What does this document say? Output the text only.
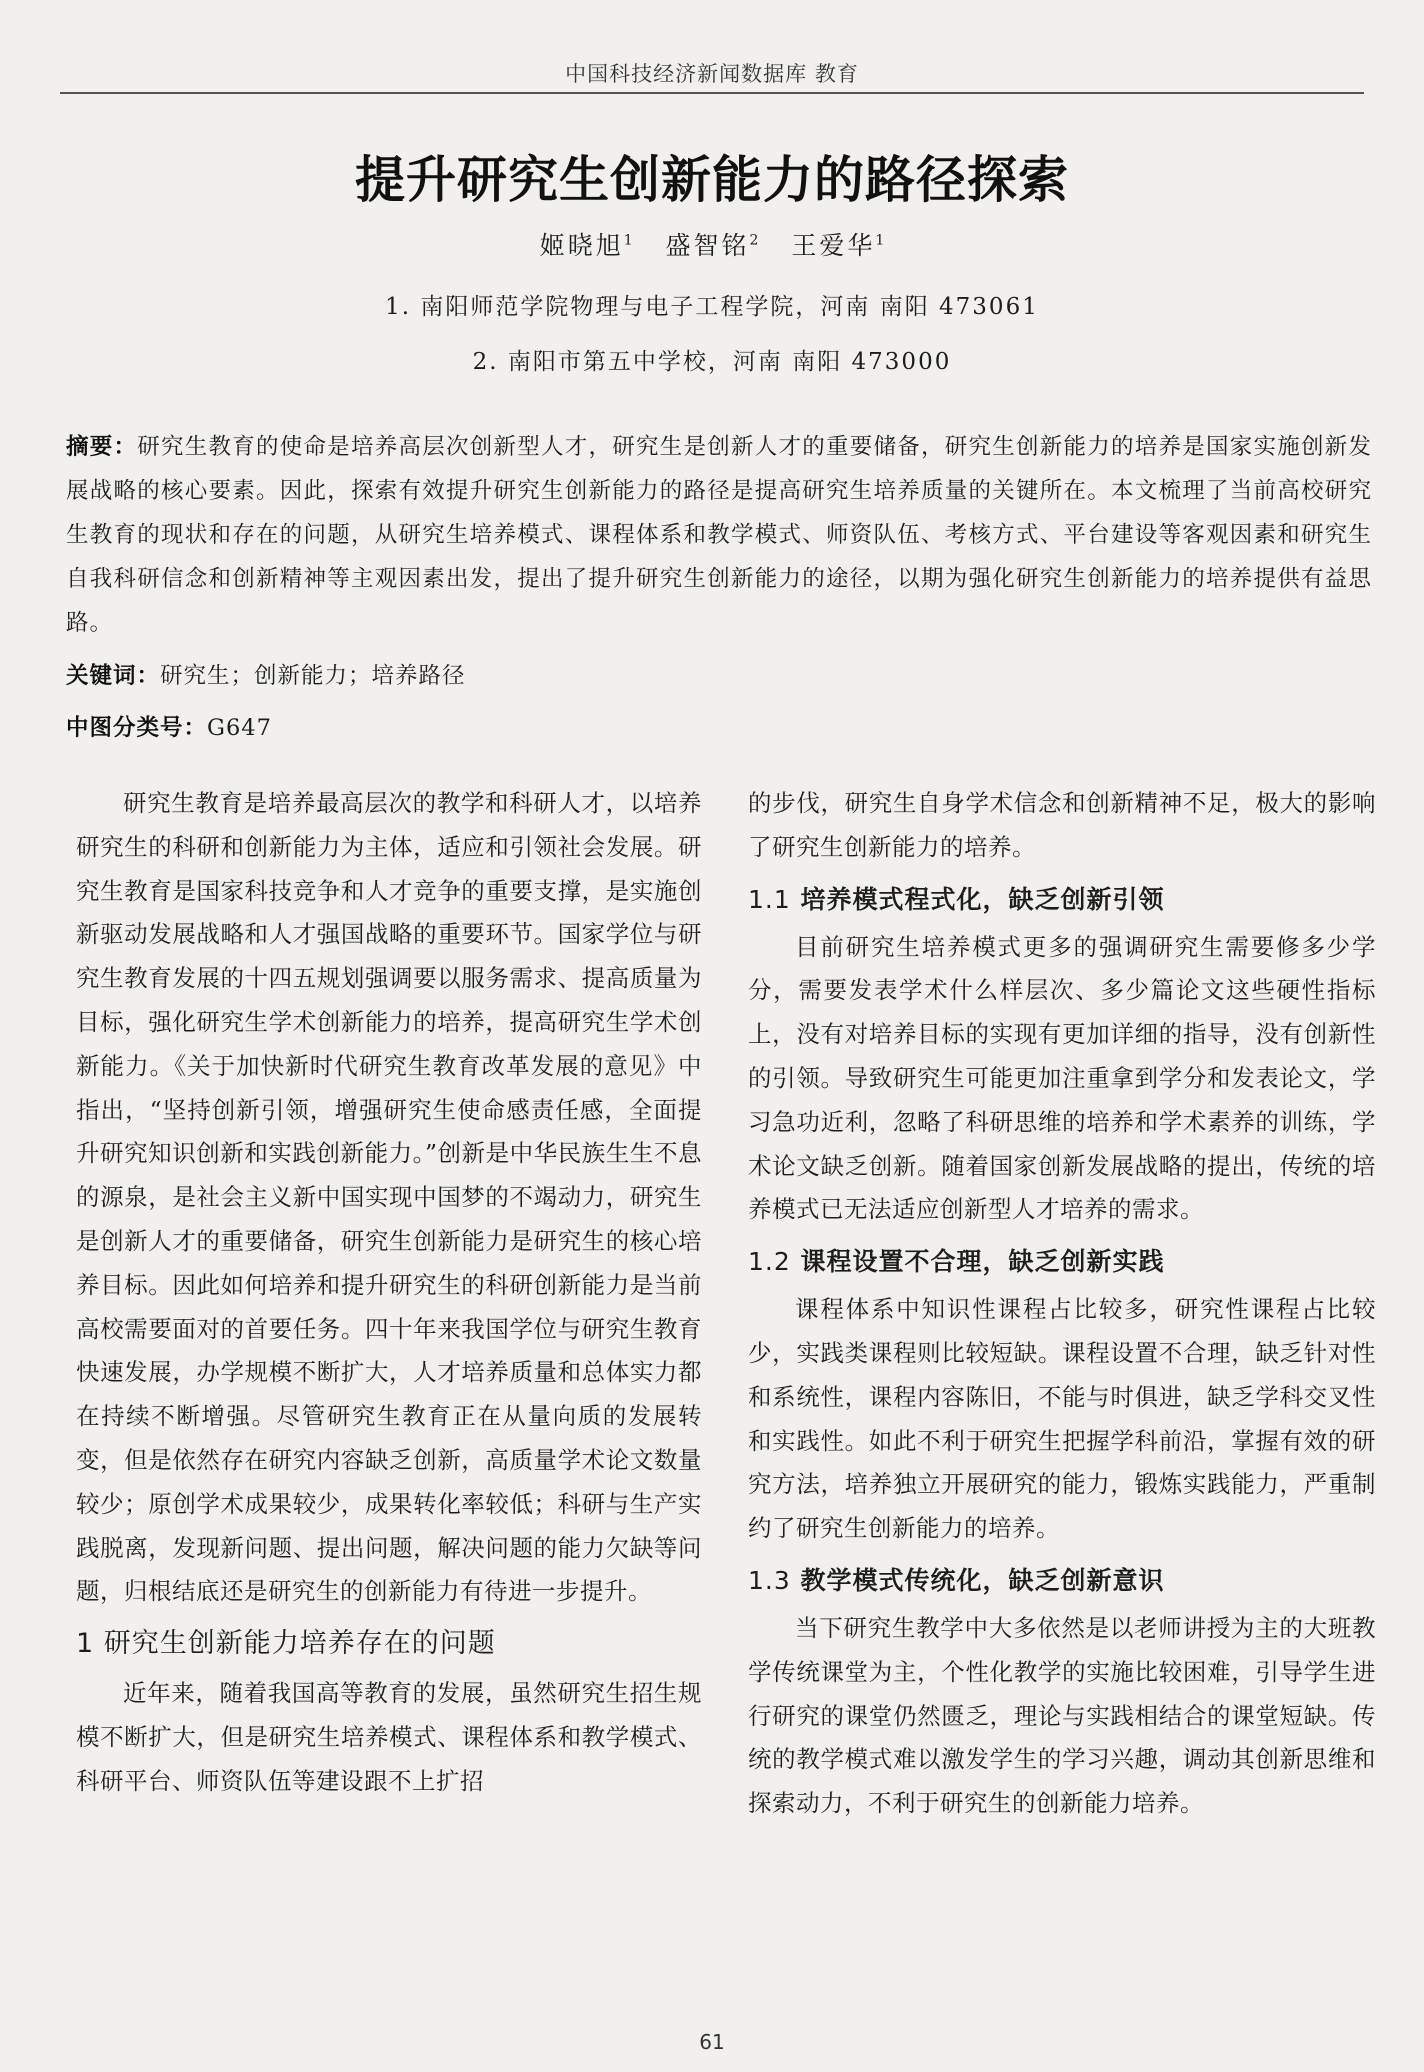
中国科技经济新闻数据库 教育
提升研究生创新能力的路径探索
姬晓旭$^1$ 盛智铭$^2$ 王爱华$^1$
1. 南阳师范学院物理与电子工程学院，河南 南阳 473061
2. 南阳市第五中学校，河南 南阳 473000
摘要：研究生教育的使命是培养高层次创新型人才，研究生是创新人才的重要储备，研究生创新能力的培养是国家实施创新发展战略的核心要素。因此，探索有效提升研究生创新能力的路径是提高研究生培养质量的关键所在。本文梳理了当前高校研究生教育的现状和存在的问题，从研究生培养模式、课程体系和教学模式、师资队伍、考核方式、平台建设等客观因素和研究生自我科研信念和创新精神等主观因素出发，提出了提升研究生创新能力的途径，以期为强化研究生创新能力的培养提供有益思路。
关键词：研究生；创新能力；培养路径
中图分类号：G647

研究生教育是培养最高层次的教学和科研人才，以培养研究生的科研和创新能力为主体，适应和引领社会发展。研究生教育是国家科技竞争和人才竞争的重要支撑，是实施创新驱动发展战略和人才强国战略的重要环节。国家学位与研究生教育发展的十四五规划强调要以服务需求、提高质量为目标，强化研究生学术创新能力的培养，提高研究生学术创新能力。《关于加快新时代研究生教育改革发展的意见》中指出，“坚持创新引领，增强研究生使命感责任感，全面提升研究知识创新和实践创新能力。”创新是中华民族生生不息的源泉，是社会主义新中国实现中国梦的不竭动力，研究生是创新人才的重要储备，研究生创新能力是研究生的核心培养目标。因此如何培养和提升研究生的科研创新能力是当前高校需要面对的首要任务。四十年来我国学位与研究生教育快速发展，办学规模不断扩大，人才培养质量和总体实力都在持续不断增强。尽管研究生教育正在从量向质的发展转变，但是依然存在研究内容缺乏创新，高质量学术论文数量较少；原创学术成果较少，成果转化率较低；科研与生产实践脱离，发现新问题、提出问题，解决问题的能力欠缺等问题，归根结底还是研究生的创新能力有待进一步提升。

1 研究生创新能力培养存在的问题

近年来，随着我国高等教育的发展，虽然研究生招生规模不断扩大，但是研究生培养模式、课程体系和教学模式、科研平台、师资队伍等建设跟不上扩招

的步伐，研究生自身学术信念和创新精神不足，极大的影响了研究生创新能力的培养。

1.1 培养模式程式化，缺乏创新引领

目前研究生培养模式更多的强调研究生需要修多少学分，需要发表学术什么样层次、多少篇论文这些硬性指标上，没有对培养目标的实现有更加详细的指导，没有创新性的引领。导致研究生可能更加注重拿到学分和发表论文，学习急功近利，忽略了科研思维的培养和学术素养的训练，学术论文缺乏创新。随着国家创新发展战略的提出，传统的培养模式已无法适应创新型人才培养的需求。

1.2 课程设置不合理，缺乏创新实践

课程体系中知识性课程占比较多，研究性课程占比较少，实践类课程则比较短缺。课程设置不合理，缺乏针对性和系统性，课程内容陈旧，不能与时俱进，缺乏学科交叉性和实践性。如此不利于研究生把握学科前沿，掌握有效的研究方法，培养独立开展研究的能力，锻炼实践能力，严重制约了研究生创新能力的培养。

1.3 教学模式传统化，缺乏创新意识

当下研究生教学中大多依然是以老师讲授为主的大班教学传统课堂为主，个性化教学的实施比较困难，引导学生进行研究的课堂仍然匮乏，理论与实践相结合的课堂短缺。传统的教学模式难以激发学生的学习兴趣，调动其创新思维和探索动力，不利于研究生的创新能力培养。

61
